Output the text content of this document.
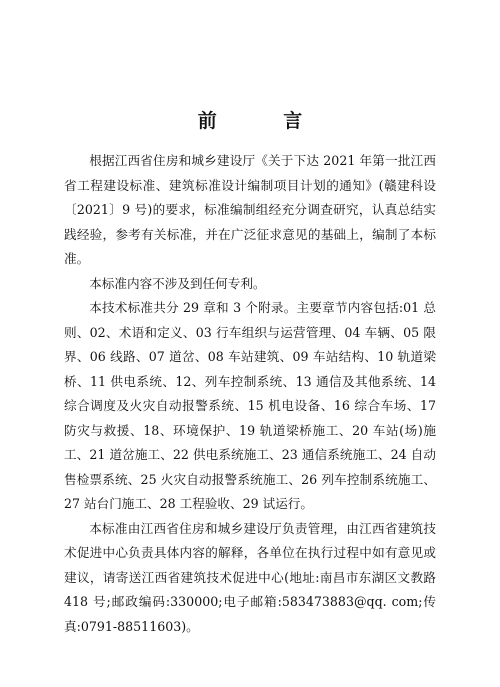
前 言

根据江西省住房和城乡建设厅《关于下达 2021 年第一批江西省工程建设标准、建筑标准设计编制项目计划的通知》(赣建科设〔2021〕9 号)的要求，标准编制组经充分调查研究，认真总结实践经验，参考有关标准，并在广泛征求意见的基础上，编制了本标准。

本标准内容不涉及到任何专利。

本技术标准共分 29 章和 3 个附录。主要章节内容包括:01 总则、02、术语和定义、03 行车组织与运营管理、04 车辆、05 限界、06 线路、07 道岔、08 车站建筑、09 车站结构、10 轨道梁桥、11 供电系统、12、列车控制系统、13 通信及其他系统、14 综合调度及火灾自动报警系统、15 机电设备、16 综合车场、17 防灾与救援、18、环境保护、19 轨道梁桥施工、20 车站(场)施工、21 道岔施工、22 供电系统施工、23 通信系统施工、24 自动售检票系统、25 火灾自动报警系统施工、26 列车控制系统施工、27 站台门施工、28 工程验收、29 试运行。

本标准由江西省住房和城乡建设厅负责管理，由江西省建筑技术促进中心负责具体内容的解释，各单位在执行过程中如有意见或建议，请寄送江西省建筑技术促进中心(地址:南昌市东湖区文教路 418 号;邮政编码:330000;电子邮箱:583473883@qq. com;传真:0791-88511603)。
